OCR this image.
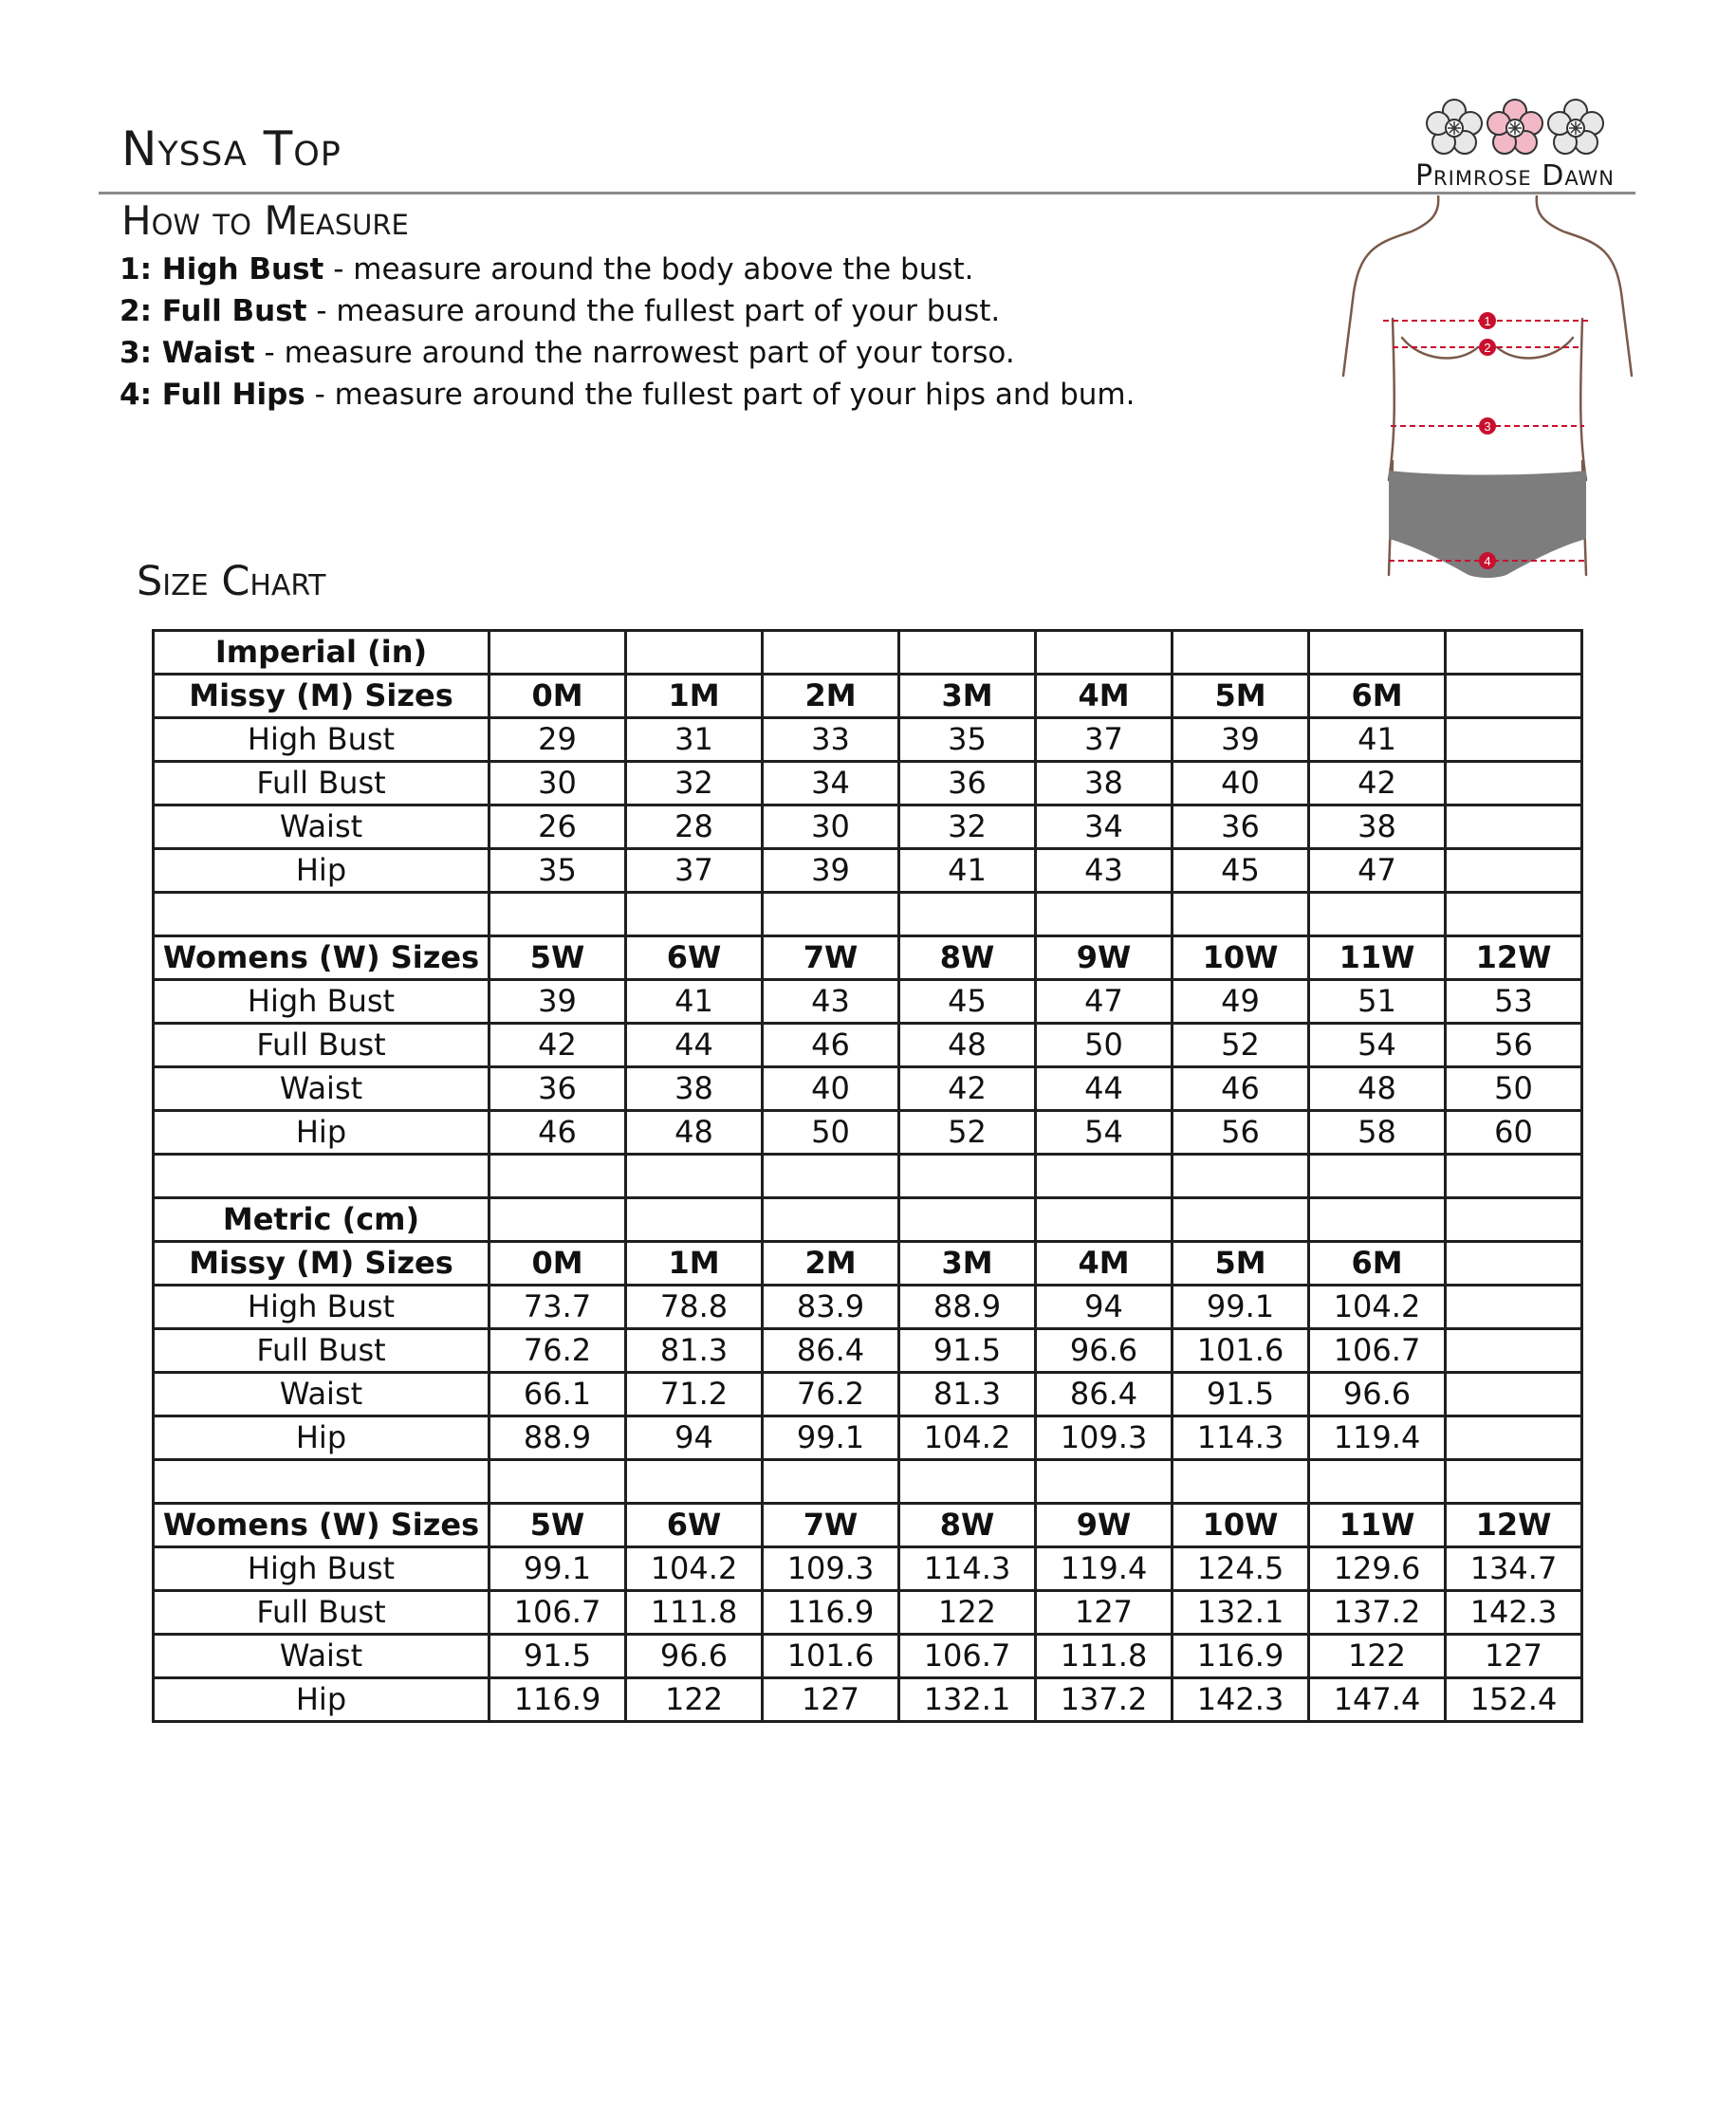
Nyssa Top	Primrose Dawn
How to Measure
1: High Bust - measure around the body above the bust.
2: Full Bust - measure around the fullest part of your bust.
3: Waist - measure around the narrowest part of your torso.
4: Full Hips - measure around the fullest part of your hips and bum.
1
2
3
4
Size Chart
Imperial (in)								
Missy (M) Sizes	0M	1M	2M	3M	4M	5M	6M	
High Bust	29	31	33	35	37	39	41	
Full Bust	30	32	34	36	38	40	42	
Waist	26	28	30	32	34	36	38	
Hip	35	37	39	41	43	45	47	

Womens (W) Sizes	5W	6W	7W	8W	9W	10W	11W	12W
High Bust	39	41	43	45	47	49	51	53
Full Bust	42	44	46	48	50	52	54	56
Waist	36	38	40	42	44	46	48	50
Hip	46	48	50	52	54	56	58	60

Metric (cm)								
Missy (M) Sizes	0M	1M	2M	3M	4M	5M	6M	
High Bust	73.7	78.8	83.9	88.9	94	99.1	104.2	
Full Bust	76.2	81.3	86.4	91.5	96.6	101.6	106.7	
Waist	66.1	71.2	76.2	81.3	86.4	91.5	96.6	
Hip	88.9	94	99.1	104.2	109.3	114.3	119.4	

Womens (W) Sizes	5W	6W	7W	8W	9W	10W	11W	12W
High Bust	99.1	104.2	109.3	114.3	119.4	124.5	129.6	134.7
Full Bust	106.7	111.8	116.9	122	127	132.1	137.2	142.3
Waist	91.5	96.6	101.6	106.7	111.8	116.9	122	127
Hip	116.9	122	127	132.1	137.2	142.3	147.4	152.4
